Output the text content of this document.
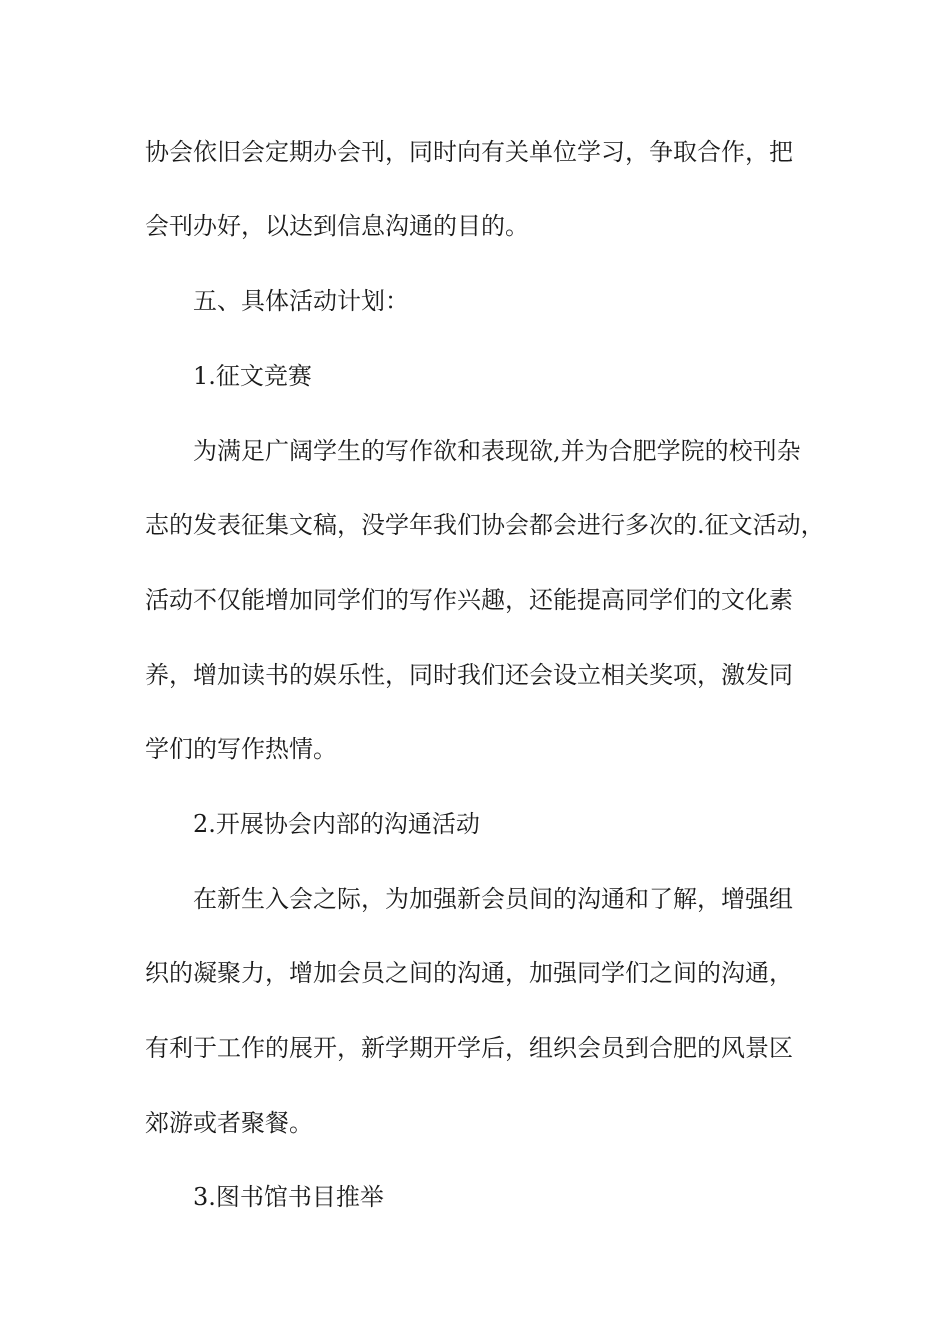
协会依旧会定期办会刊，同时向有关单位学习，争取合作，把
会刊办好，以达到信息沟通的目的。
五、具体活动计划：
1.征文竞赛
为满足广阔学生的写作欲和表现欲,并为合肥学院的校刊杂
志的发表征集文稿，没学年我们协会都会进行多次的.征文活动，
活动不仅能增加同学们的写作兴趣，还能提高同学们的文化素
养，增加读书的娱乐性，同时我们还会设立相关奖项，激发同
学们的写作热情。
2.开展协会内部的沟通活动
在新生入会之际，为加强新会员间的沟通和了解，增强组
织的凝聚力，增加会员之间的沟通，加强同学们之间的沟通，
有利于工作的展开，新学期开学后，组织会员到合肥的风景区
郊游或者聚餐。
3.图书馆书目推举
